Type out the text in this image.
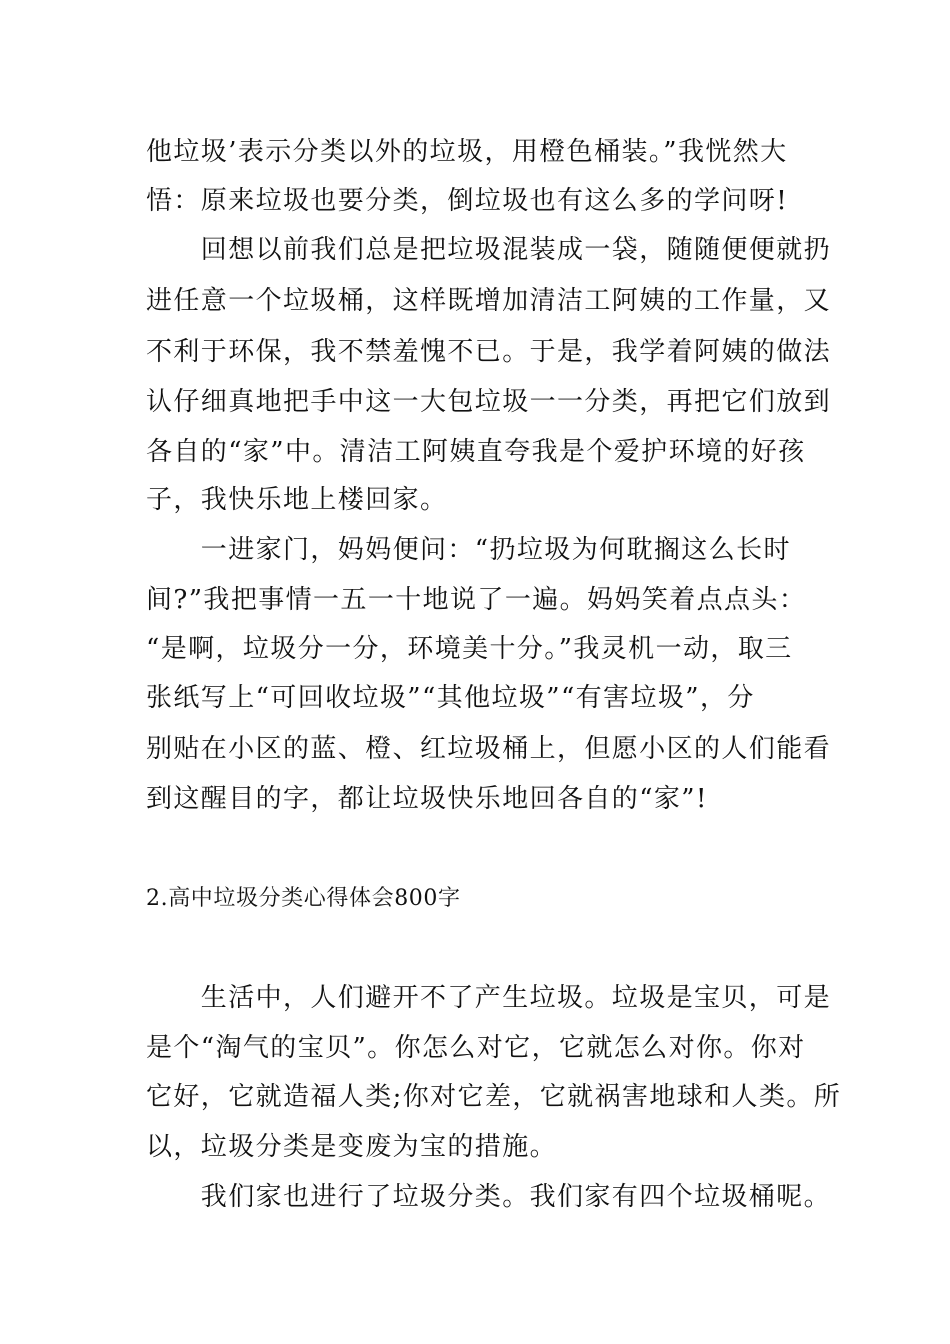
他垃圾’表示分类以外的垃圾，用橙色桶装。”我恍然大
悟：原来垃圾也要分类，倒垃圾也有这么多的学问呀!
　　回想以前我们总是把垃圾混装成一袋，随随便便就扔
进任意一个垃圾桶，这样既增加清洁工阿姨的工作量，又
不利于环保，我不禁羞愧不已。于是，我学着阿姨的做法
认仔细真地把手中这一大包垃圾一一分类，再把它们放到
各自的“家”中。清洁工阿姨直夸我是个爱护环境的好孩
子，我快乐地上楼回家。
　　一进家门，妈妈便问：“扔垃圾为何耽搁这么长时
间?”我把事情一五一十地说了一遍。妈妈笑着点点头：
“是啊，垃圾分一分，环境美十分。”我灵机一动，取三
张纸写上“可回收垃圾”“其他垃圾”“有害垃圾”，分
别贴在小区的蓝、橙、红垃圾桶上，但愿小区的人们能看
到这醒目的字，都让垃圾快乐地回各自的“家”!
2.高中垃圾分类心得体会800字
　　生活中，人们避开不了产生垃圾。垃圾是宝贝，可是
是个“淘气的宝贝”。你怎么对它，它就怎么对你。你对
它好，它就造福人类;你对它差，它就祸害地球和人类。所
以，垃圾分类是变废为宝的措施。
　　我们家也进行了垃圾分类。我们家有四个垃圾桶呢。
